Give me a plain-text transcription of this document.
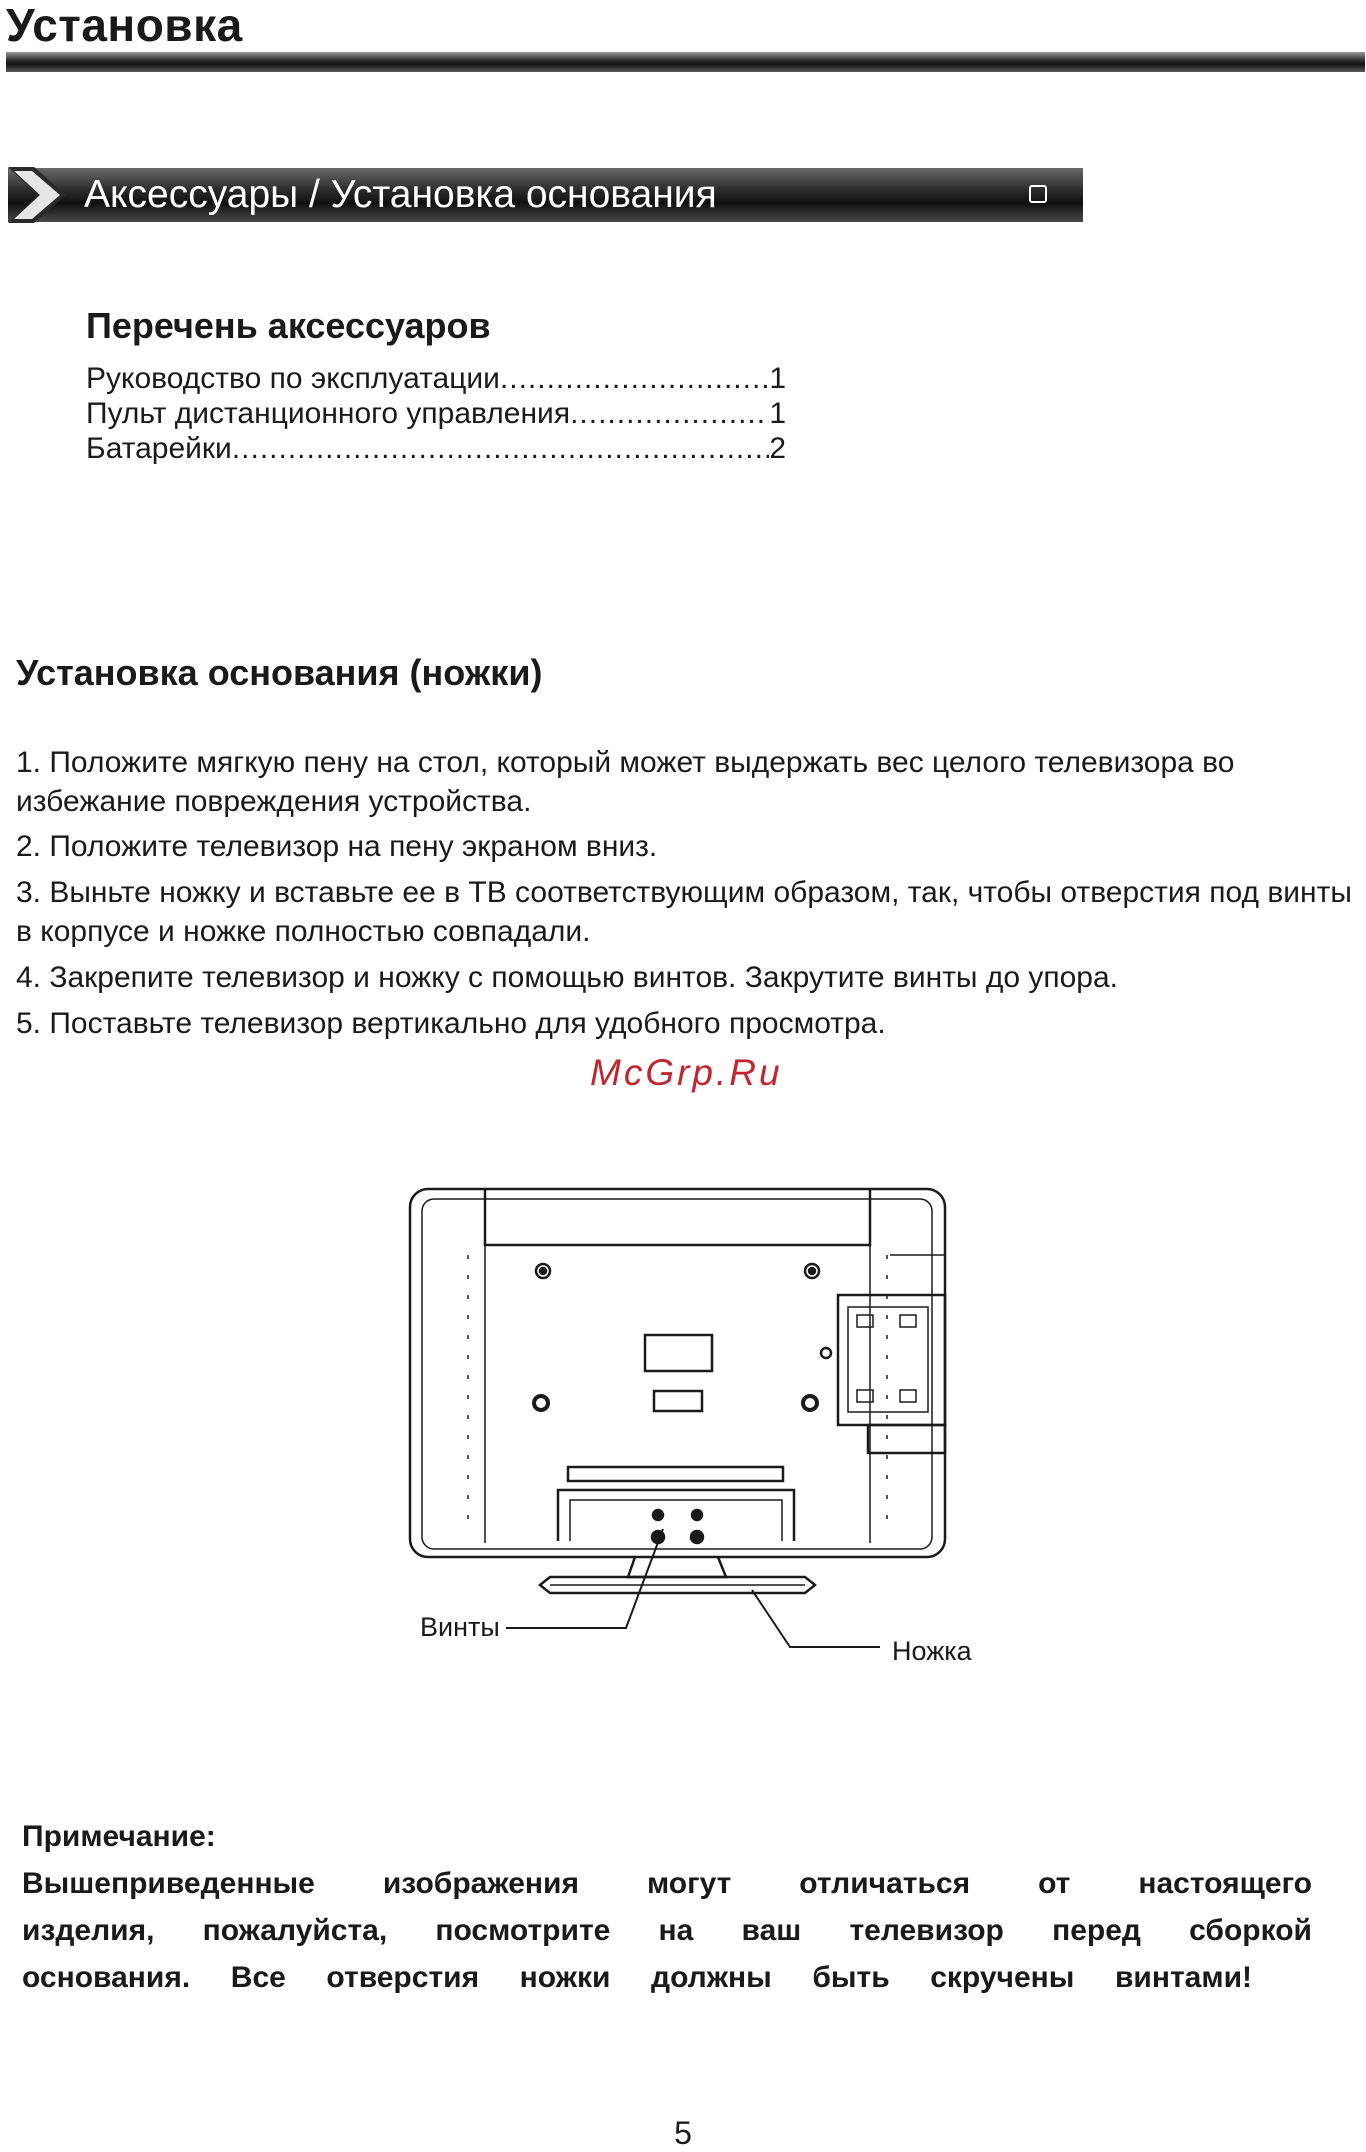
Установка
Аксессуары / Установка основания
Перечень аксессуаров
Руководство по эксплуатации .....	1
Пульт дистанционного управления .....	1
Батарейки .....	2
Установка основания (ножки)
1. Положите мягкую пену на стол, который может выдержать вес целого телевизора во избежание повреждения устройства.
2. Положите телевизор на пену экраном вниз.
3. Выньте ножку и вставьте ее в ТВ соответствующим образом, так, чтобы отверстия под винты в корпусе и ножке полностью совпадали.
4. Закрепите телевизор и ножку с помощью винтов. Закрутите винты до упора.
5. Поставьте телевизор вертикально для удобного просмотра.
McGrp.Ru
Винты
Ножка
Примечание:
Вышеприведенные изображения могут отличаться от настоящего
изделия, пожалуйста, посмотрите на ваш телевизор перед сборкой
основания. Все отверстия ножки должны быть скручены винтами!
5
